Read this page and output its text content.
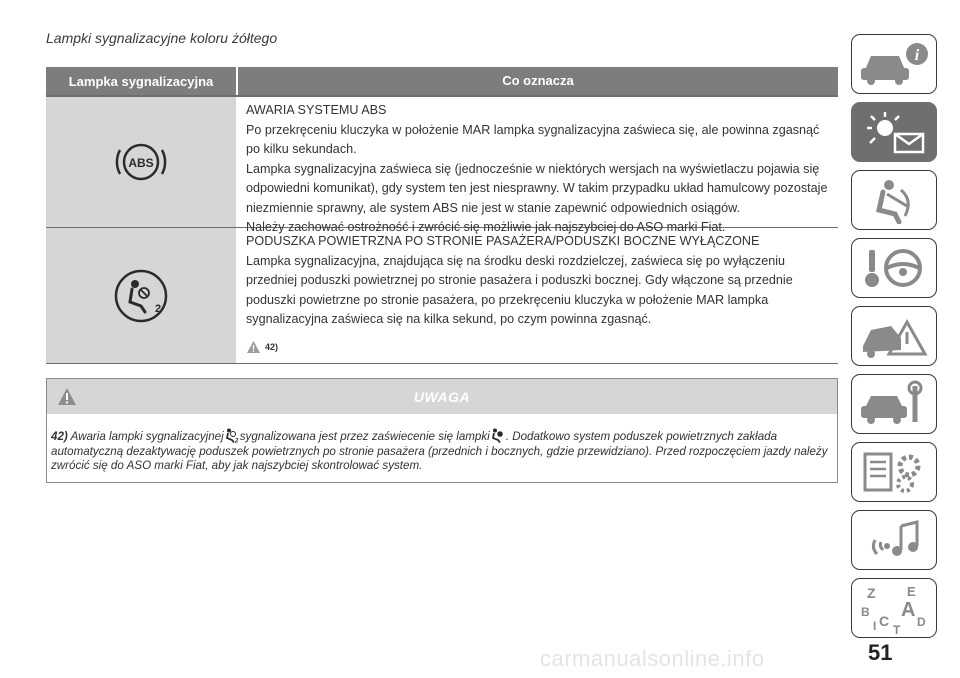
Lampki sygnalizacyjne koloru żółtego
Lampka sygnalizacyjna	Co oznacza
ABS

AWARIA SYSTEMU ABS

Po przekręceniu kluczyka w położenie MAR lampka sygnalizacyjna zaświeca się, ale powinna zgasnąć po kilku sekundach.

Lampka sygnalizacyjna zaświeca się (jednocześnie w niektórych wersjach na wyświetlaczu pojawia się odpowiedni komunikat), gdy system ten jest niesprawny. W takim przypadku układ hamulcowy pozostaje niezmiennie sprawny, ale system ABS nie jest w stanie zapewnić odpowiednich osiągów.

Należy zachować ostrożność i zwrócić się możliwie jak najszybciej do ASO marki Fiat.

2

PODUSZKA POWIETRZNA PO STRONIE PASAŻERA/PODUSZKI BOCZNE WYŁĄCZONE

Lampka sygnalizacyjna, znajdująca się na środku deski rozdzielczej, zaświeca się po wyłączeniu przedniej poduszki powietrznej po stronie pasażera i poduszki bocznej. Gdy włączone są przednie poduszki powietrzne po stronie pasażera, po przekręceniu kluczyka w położenie MAR lampka sygnalizacyjna zaświeca się na kilka sekund, po czym powinna zgasnąć.

42)
UWAGA
42) Awaria lampki sygnalizacyjnej 2 sygnalizowana jest przez zaświecenie się lampki . Dodatkowo system poduszek powietrznych zakłada automatyczną dezaktywację poduszek powietrznych po stronie pasażera (przednich i bocznych, gdzie przewidziano). Przed rozpoczęciem jazdy należy zwrócić się do ASO marki Fiat, aby jak najszybciej skontrolować system.
i
Z E
B A
C D
I T
carmanualsonline.info	51
